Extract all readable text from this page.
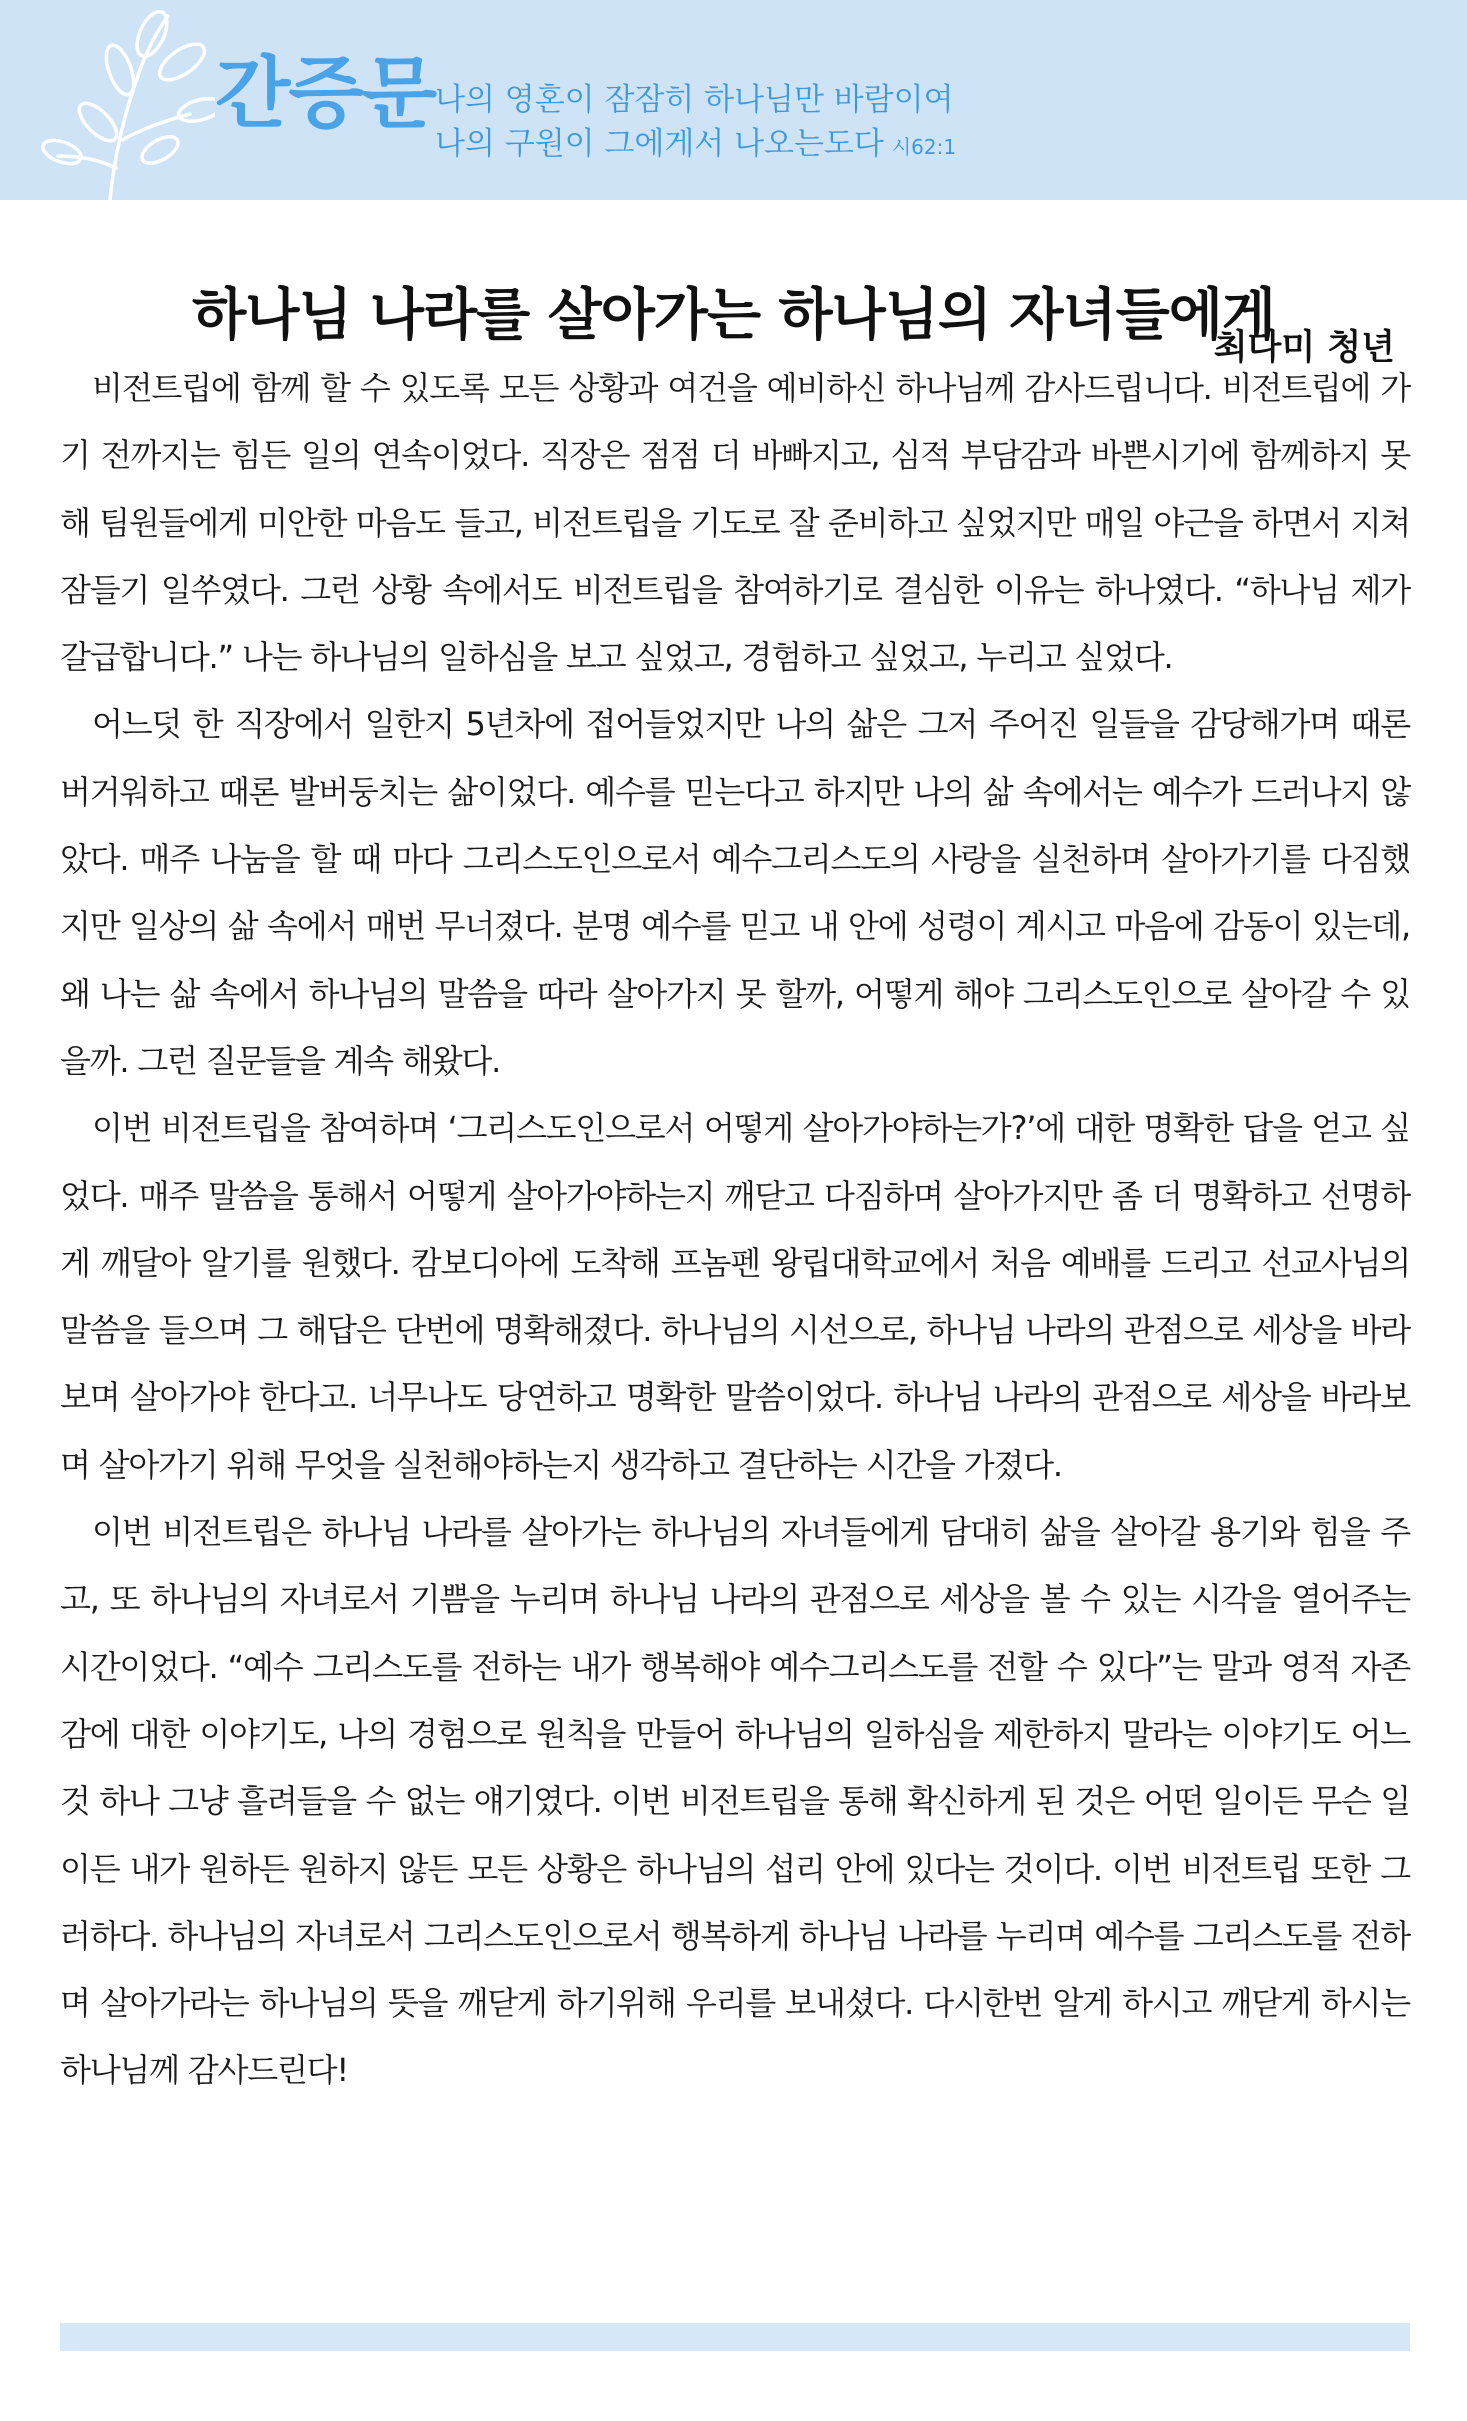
간증문 나의 영혼이 잠잠히 하나님만 바람이여
나의 구원이 그에게서 나오는도다 시62:1
하나님 나라를 살아가는 하나님의 자녀들에게
최다미 청년

비전트립에 함께 할 수 있도록 모든 상황과 여건을 예비하신 하나님께 감사드립니다. 비전트립에 가기 전까지는 힘든 일의 연속이었다. 직장은 점점 더 바빠지고, 심적 부담감과 바쁜시기에 함께하지 못해 팀원들에게 미안한 마음도 들고, 비전트립을 기도로 잘 준비하고 싶었지만 매일 야근을 하면서 지쳐 잠들기 일쑤였다. 그런 상황 속에서도 비전트립을 참여하기로 결심한 이유는 하나였다. “하나님 제가 갈급합니다.” 나는 하나님의 일하심을 보고 싶었고, 경험하고 싶었고, 누리고 싶었다.

어느덧 한 직장에서 일한지 5년차에 접어들었지만 나의 삶은 그저 주어진 일들을 감당해가며 때론 버거워하고 때론 발버둥치는 삶이었다. 예수를 믿는다고 하지만 나의 삶 속에서는 예수가 드러나지 않았다. 매주 나눔을 할 때 마다 그리스도인으로서 예수그리스도의 사랑을 실천하며 살아가기를 다짐했지만 일상의 삶 속에서 매번 무너졌다. 분명 예수를 믿고 내 안에 성령이 계시고 마음에 감동이 있는데, 왜 나는 삶 속에서 하나님의 말씀을 따라 살아가지 못 할까, 어떻게 해야 그리스도인으로 살아갈 수 있을까. 그런 질문들을 계속 해왔다.

이번 비전트립을 참여하며 ‘그리스도인으로서 어떻게 살아가야하는가?’에 대한 명확한 답을 얻고 싶었다. 매주 말씀을 통해서 어떻게 살아가야하는지 깨닫고 다짐하며 살아가지만 좀 더 명확하고 선명하게 깨달아 알기를 원했다. 캄보디아에 도착해 프놈펜 왕립대학교에서 처음 예배를 드리고 선교사님의 말씀을 들으며 그 해답은 단번에 명확해졌다. 하나님의 시선으로, 하나님 나라의 관점으로 세상을 바라보며 살아가야 한다고. 너무나도 당연하고 명확한 말씀이었다. 하나님 나라의 관점으로 세상을 바라보며 살아가기 위해 무엇을 실천해야하는지 생각하고 결단하는 시간을 가졌다.

이번 비전트립은 하나님 나라를 살아가는 하나님의 자녀들에게 담대히 삶을 살아갈 용기와 힘을 주고, 또 하나님의 자녀로서 기쁨을 누리며 하나님 나라의 관점으로 세상을 볼 수 있는 시각을 열어주는 시간이었다. “예수 그리스도를 전하는 내가 행복해야 예수그리스도를 전할 수 있다”는 말과 영적 자존감에 대한 이야기도, 나의 경험으로 원칙을 만들어 하나님의 일하심을 제한하지 말라는 이야기도 어느 것 하나 그냥 흘려들을 수 없는 얘기였다. 이번 비전트립을 통해 확신하게 된 것은 어떤 일이든 무슨 일이든 내가 원하든 원하지 않든 모든 상황은 하나님의 섭리 안에 있다는 것이다. 이번 비전트립 또한 그러하다. 하나님의 자녀로서 그리스도인으로서 행복하게 하나님 나라를 누리며 예수를 그리스도를 전하며 살아가라는 하나님의 뜻을 깨닫게 하기위해 우리를 보내셨다. 다시한번 알게 하시고 깨닫게 하시는 하나님께 감사드린다!
